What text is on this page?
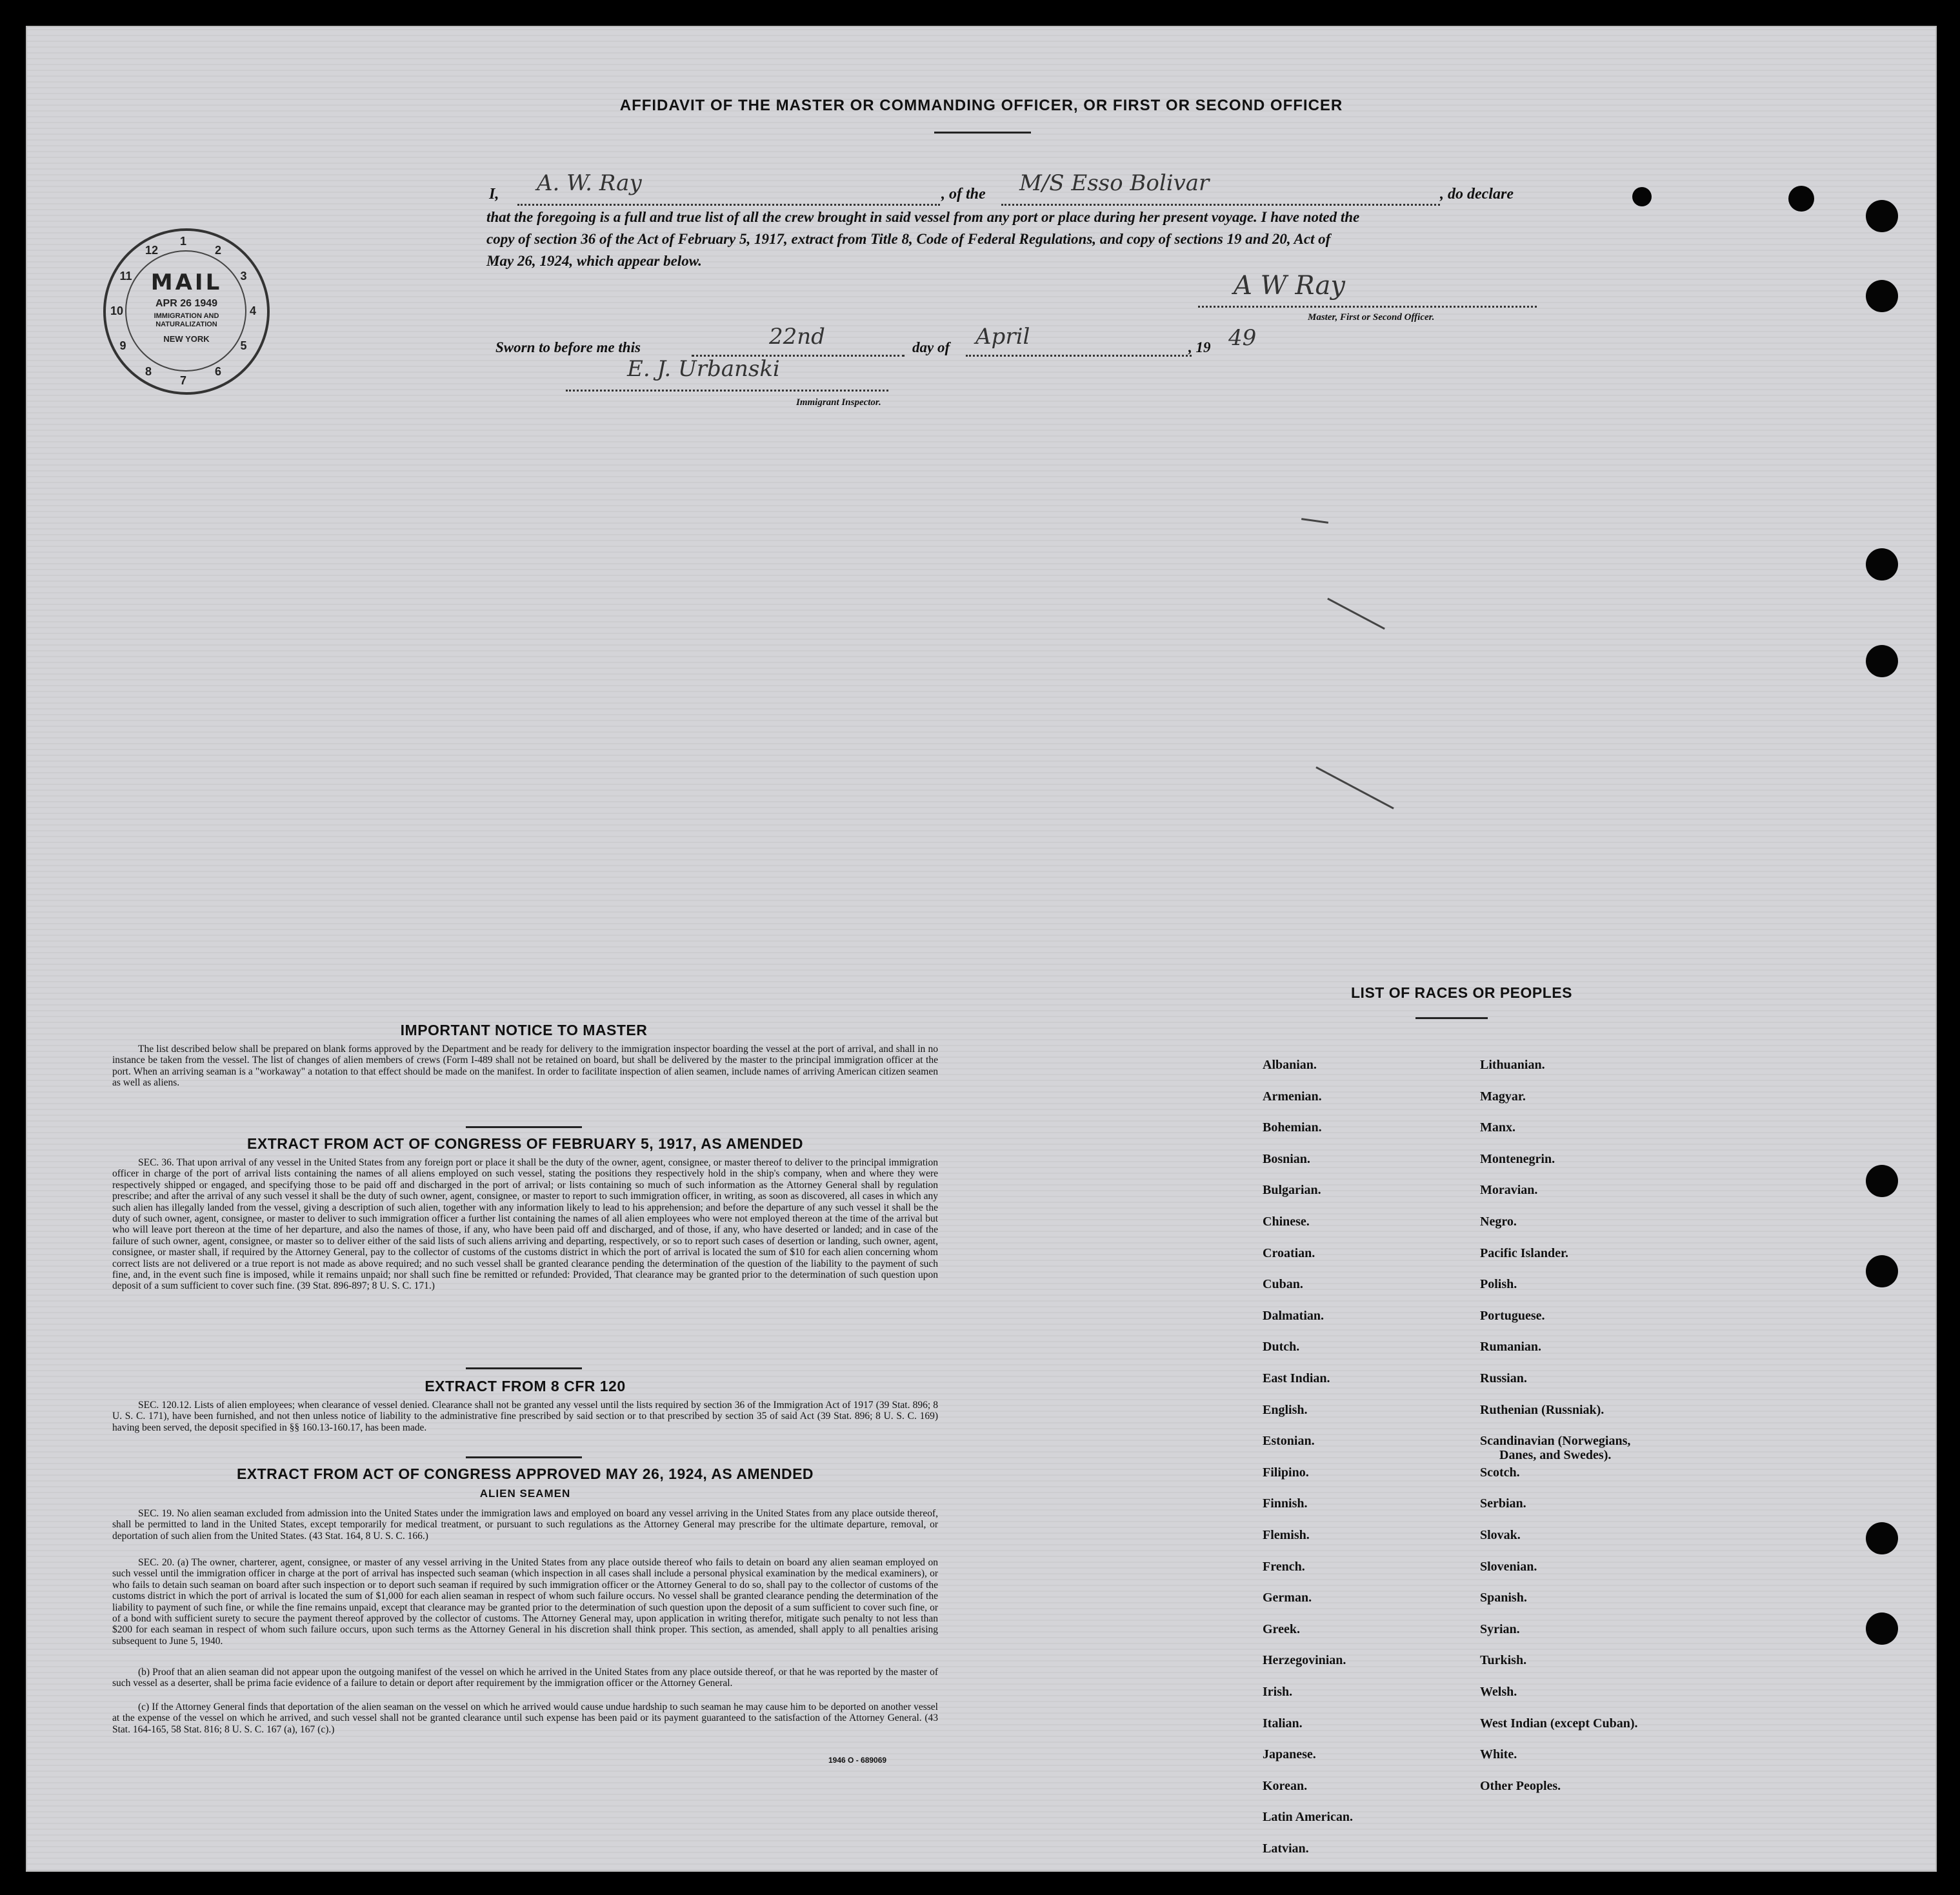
AFFIDAVIT OF THE MASTER OR COMMANDING OFFICER, OR FIRST OR SECOND OFFICER
I, A. W. Ray	, of the M/S Esso Bolivar	, do declare
that the foregoing is a full and true list of all the crew brought in said vessel from any port or place during her present voyage. I have noted the
copy of section 36 of the Act of February 5, 1917, extract from Title 8, Code of Federal Regulations, and copy of sections 19 and 20, Act of
May 26, 1924, which appear below.
A W Ray
Master, First or Second Officer.
Sworn to before me this	22nd	day of April	, 19 49
E. J. Urbanski
Immigrant Inspector.
MAIL
APR 26 1949
IMMIGRATION AND NATURALIZATION
NEW YORK
1
2
3
4
5
6
7
8
9
10
11
12
IMPORTANT NOTICE TO MASTER
The list described below shall be prepared on blank forms approved by the Department and be ready for delivery to the immigration inspector boarding the vessel at the port of arrival, and shall in no instance be taken from the vessel. The list of changes of alien members of crews (Form I-489 shall not be retained on board, but shall be delivered by the master to the principal immigration officer at the port. When an arriving seaman is a "workaway" a notation to that effect should be made on the manifest. In order to facilitate inspection of alien seamen, include names of arriving American citizen seamen as well as aliens.
EXTRACT FROM ACT OF CONGRESS OF FEBRUARY 5, 1917, AS AMENDED
SEC. 36. That upon arrival of any vessel in the United States from any foreign port or place it shall be the duty of the owner, agent, consignee, or master thereof to deliver to the principal immigration officer in charge of the port of arrival lists containing the names of all aliens employed on such vessel, stating the positions they respectively hold in the ship's company, when and where they were respectively shipped or engaged, and specifying those to be paid off and discharged in the port of arrival; or lists containing so much of such information as the Attorney General shall by regulation prescribe; and after the arrival of any such vessel it shall be the duty of such owner, agent, consignee, or master to report to such immigration officer, in writing, as soon as discovered, all cases in which any such alien has illegally landed from the vessel, giving a description of such alien, together with any information likely to lead to his apprehension; and before the departure of any such vessel it shall be the duty of such owner, agent, consignee, or master to deliver to such immigration officer a further list containing the names of all alien employees who were not employed thereon at the time of the arrival but who will leave port thereon at the time of her departure, and also the names of those, if any, who have been paid off and discharged, and of those, if any, who have deserted or landed; and in case of the failure of such owner, agent, consignee, or master so to deliver either of the said lists of such aliens arriving and departing, respectively, or so to report such cases of desertion or landing, such owner, agent, consignee, or master shall, if required by the Attorney General, pay to the collector of customs of the customs district in which the port of arrival is located the sum of $10 for each alien concerning whom correct lists are not delivered or a true report is not made as above required; and no such vessel shall be granted clearance pending the determination of the question of the liability to the payment of such fine, and, in the event such fine is imposed, while it remains unpaid; nor shall such fine be remitted or refunded: Provided, That clearance may be granted prior to the determination of such question upon deposit of a sum sufficient to cover such fine. (39 Stat. 896-897; 8 U. S. C. 171.)
EXTRACT FROM 8 CFR 120
SEC. 120.12. Lists of alien employees; when clearance of vessel denied. Clearance shall not be granted any vessel until the lists required by section 36 of the Immigration Act of 1917 (39 Stat. 896; 8 U. S. C. 171), have been furnished, and not then unless notice of liability to the administrative fine prescribed by said section or to that prescribed by section 35 of said Act (39 Stat. 896; 8 U. S. C. 169) having been served, the deposit specified in §§ 160.13-160.17, has been made.
EXTRACT FROM ACT OF CONGRESS APPROVED MAY 26, 1924, AS AMENDED
ALIEN SEAMEN
SEC. 19. No alien seaman excluded from admission into the United States under the immigration laws and employed on board any vessel arriving in the United States from any place outside thereof, shall be permitted to land in the United States, except temporarily for medical treatment, or pursuant to such regulations as the Attorney General may prescribe for the ultimate departure, removal, or deportation of such alien from the United States. (43 Stat. 164, 8 U. S. C. 166.)
SEC. 20. (a) The owner, charterer, agent, consignee, or master of any vessel arriving in the United States from any place outside thereof who fails to detain on board any alien seaman employed on such vessel until the immigration officer in charge at the port of arrival has inspected such seaman (which inspection in all cases shall include a personal physical examination by the medical examiners), or who fails to detain such seaman on board after such inspection or to deport such seaman if required by such immigration officer or the Attorney General to do so, shall pay to the collector of customs of the customs district in which the port of arrival is located the sum of $1,000 for each alien seaman in respect of whom such failure occurs. No vessel shall be granted clearance pending the determination of the liability to payment of such fine, or while the fine remains unpaid, except that clearance may be granted prior to the determination of such question upon the deposit of a sum sufficient to cover such fine, or of a bond with sufficient surety to secure the payment thereof approved by the collector of customs. The Attorney General may, upon application in writing therefor, mitigate such penalty to not less than $200 for each seaman in respect of whom such failure occurs, upon such terms as the Attorney General in his discretion shall think proper. This section, as amended, shall apply to all penalties arising subsequent to June 5, 1940.
(b) Proof that an alien seaman did not appear upon the outgoing manifest of the vessel on which he arrived in the United States from any place outside thereof, or that he was reported by the master of such vessel as a deserter, shall be prima facie evidence of a failure to detain or deport after requirement by the immigration officer or the Attorney General.
(c) If the Attorney General finds that deportation of the alien seaman on the vessel on which he arrived would cause undue hardship to such seaman he may cause him to be deported on another vessel at the expense of the vessel on which he arrived, and such vessel shall not be granted clearance until such expense has been paid or its payment guaranteed to the satisfaction of the Attorney General. (43 Stat. 164-165, 58 Stat. 816; 8 U. S. C. 167 (a), 167 (c).)
1946 O - 689069
LIST OF RACES OR PEOPLES
Albanian.
Armenian.
Bohemian.
Bosnian.
Bulgarian.
Chinese.
Croatian.
Cuban.
Dalmatian.
Dutch.
East Indian.
English.
Estonian.
Filipino.
Finnish.
Flemish.
French.
German.
Greek.
Herzegovinian.
Irish.
Italian.
Japanese.
Korean.
Latin American.
Latvian.
Lithuanian.
Magyar.
Manx.
Montenegrin.
Moravian.
Negro.
Pacific Islander.
Polish.
Portuguese.
Rumanian.
Russian.
Ruthenian (Russniak).
Scandinavian (Norwegians,
Danes, and Swedes).
Scotch.
Serbian.
Slovak.
Slovenian.
Spanish.
Syrian.
Turkish.
Welsh.
West Indian (except Cuban).
White.
Other Peoples.
